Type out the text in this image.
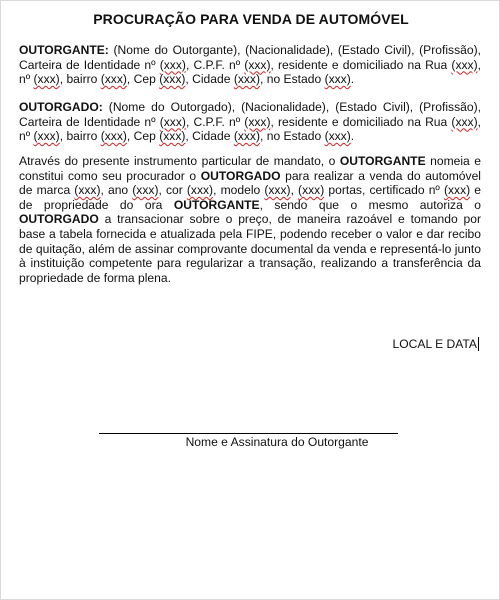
PROCURAÇÃO PARA VENDA DE AUTOMÓVEL
OUTORGANTE: (Nome do Outorgante), (Nacionalidade), (Estado Civil), (Profissão), Carteira de Identidade nº (xxx), C.P.F. nº (xxx), residente e domiciliado na Rua (xxx), nº (xxx), bairro (xxx), Cep (xxx), Cidade (xxx), no Estado (xxx).
OUTORGADO: (Nome do Outorgado), (Nacionalidade), (Estado Civil), (Profissão), Carteira de Identidade nº (xxx), C.P.F. nº (xxx), residente e domiciliado na Rua (xxx), nº (xxx), bairro (xxx), Cep (xxx), Cidade (xxx), no Estado (xxx).
Através do presente instrumento particular de mandato, o OUTORGANTE nomeia e constitui como seu procurador o OUTORGADO para realizar a venda do automóvel de marca (xxx), ano (xxx), cor (xxx), modelo (xxx), (xxx) portas, certificado nº (xxx) e de propriedade do ora OUTORGANTE, sendo que o mesmo autoriza o OUTORGADO a transacionar sobre o preço, de maneira razoável e tomando por base a tabela fornecida e atualizada pela FIPE, podendo receber o valor e dar recibo de quitação, além de assinar comprovante documental da venda e representá-lo junto à instituição competente para regularizar a transação, realizando a transferência da propriedade de forma plena.
LOCAL E DATA
Nome e Assinatura do Outorgante
